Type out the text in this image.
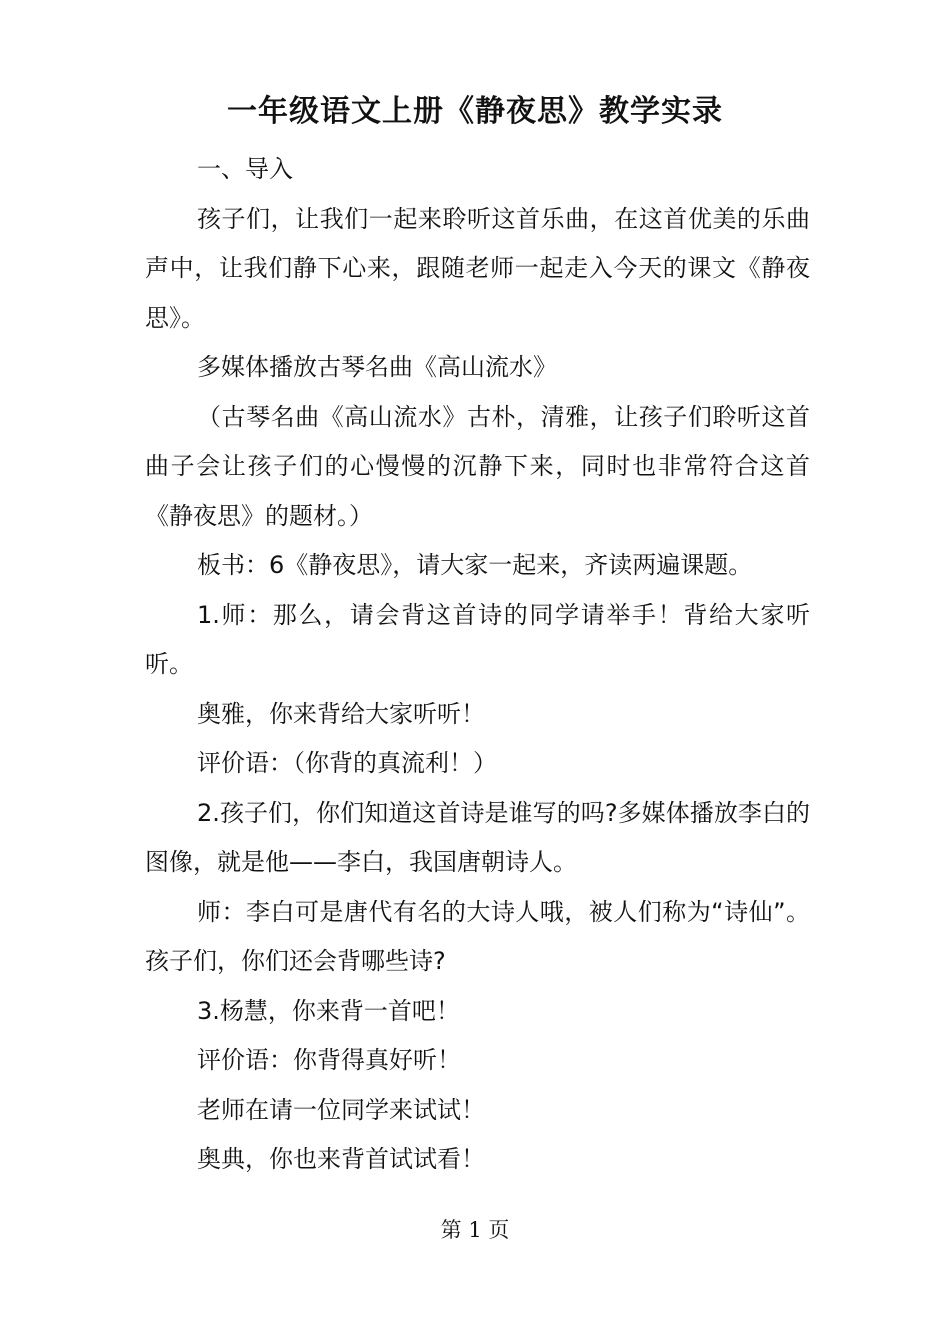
一年级语文上册《静夜思》教学实录

一、导入

孩子们，让我们一起来聆听这首乐曲，在这首优美的乐曲声中，让我们静下心来，跟随老师一起走入今天的课文《静夜思》。

多媒体播放古琴名曲《高山流水》

（古琴名曲《高山流水》古朴，清雅，让孩子们聆听这首曲子会让孩子们的心慢慢的沉静下来，同时也非常符合这首《静夜思》的题材。）

板书：6《静夜思》，请大家一起来，齐读两遍课题。

1.师：那么，请会背这首诗的同学请举手！背给大家听听。

奥雅，你来背给大家听听！

评价语：（你背的真流利！）

2.孩子们，你们知道这首诗是谁写的吗?多媒体播放李白的图像，就是他——李白，我国唐朝诗人。

师：李白可是唐代有名的大诗人哦，被人们称为“诗仙”。孩子们，你们还会背哪些诗?

3.杨慧，你来背一首吧！

评价语：你背得真好听！

老师在请一位同学来试试！

奥典，你也来背首试试看！

第 1 页
